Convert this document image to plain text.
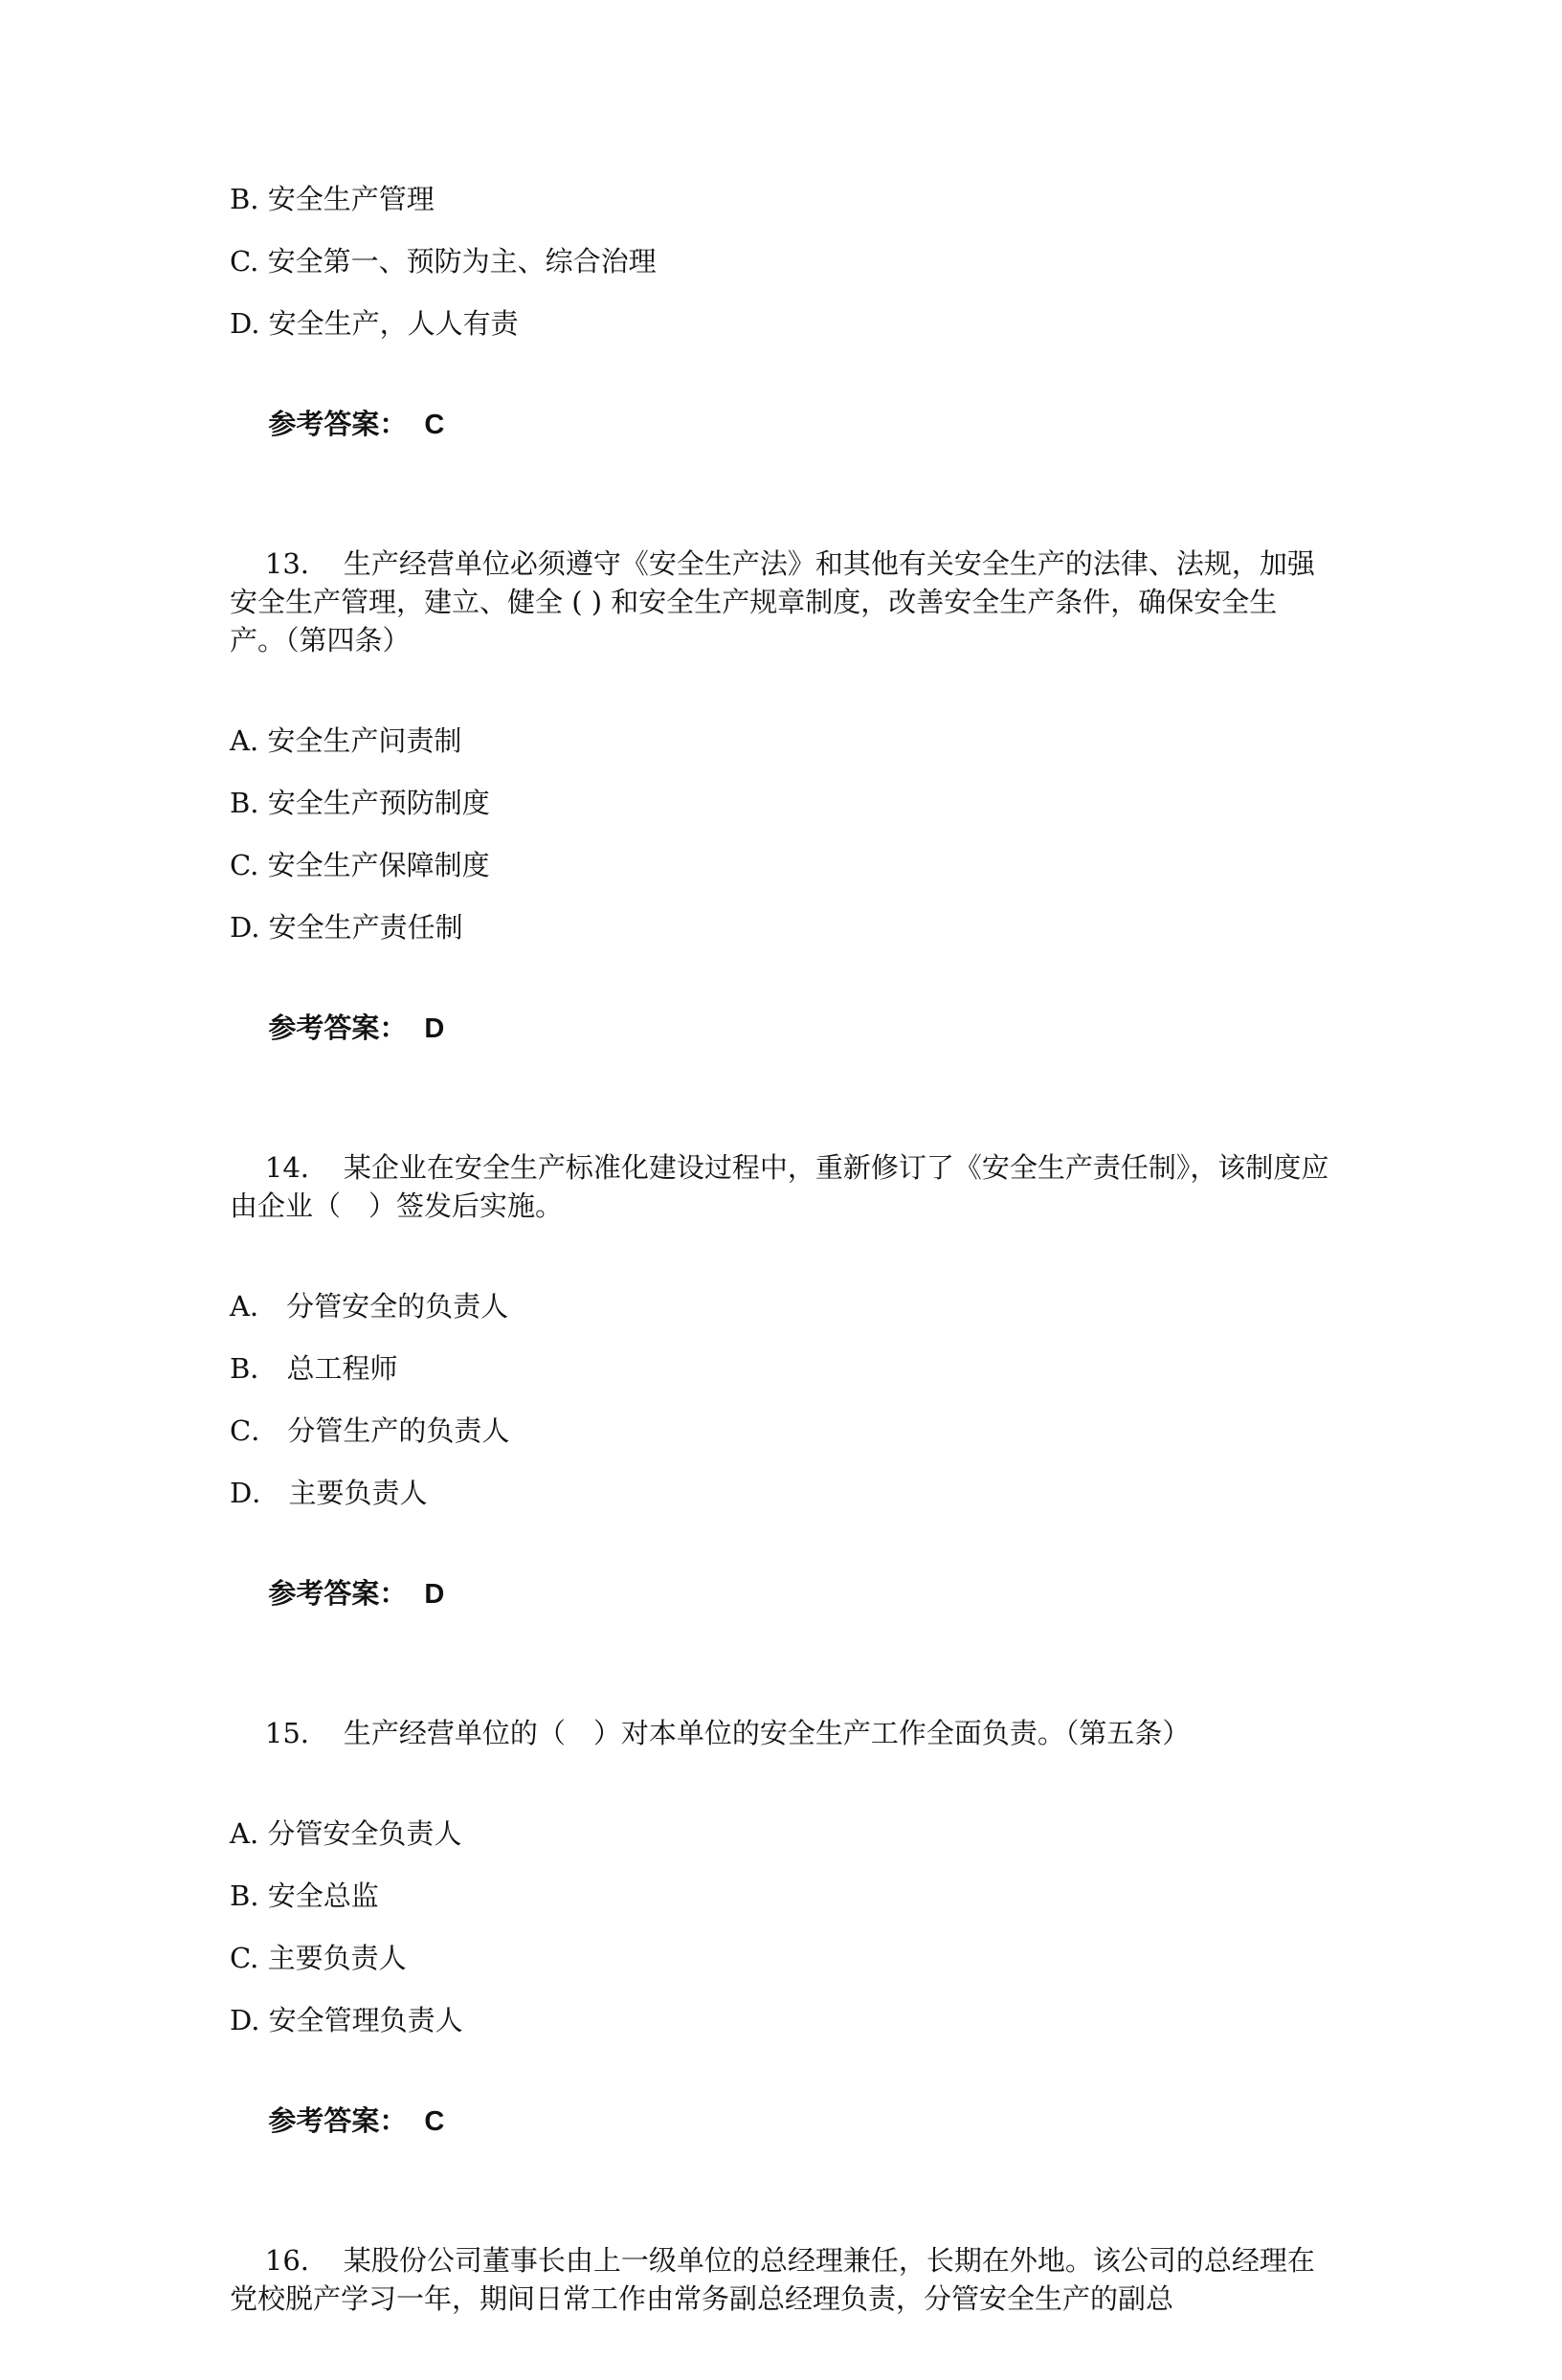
B. 安全生产管理
C. 安全第一、预防为主、综合治理
D. 安全生产，人人有责

参考答案： C

13. 生产经营单位必须遵守《安全生产法》和其他有关安全生产的法律、法规，加强安全生产管理，建立、健全 ( ) 和安全生产规章制度，改善安全生产条件，确保安全生产。（第四条）

A. 安全生产问责制
B. 安全生产预防制度
C. 安全生产保障制度
D. 安全生产责任制

参考答案： D

14. 某企业在安全生产标准化建设过程中，重新修订了《安全生产责任制》，该制度应由企业（　）签发后实施。

A． 分管安全的负责人
B． 总工程师
C． 分管生产的负责人
D． 主要负责人

参考答案： D

15. 生产经营单位的（　）对本单位的安全生产工作全面负责。（第五条）

A. 分管安全负责人
B. 安全总监
C. 主要负责人
D. 安全管理负责人

参考答案： C

16. 某股份公司董事长由上一级单位的总经理兼任，长期在外地。该公司的总经理在党校脱产学习一年，期间日常工作由常务副总经理负责，分管安全生产的副总
